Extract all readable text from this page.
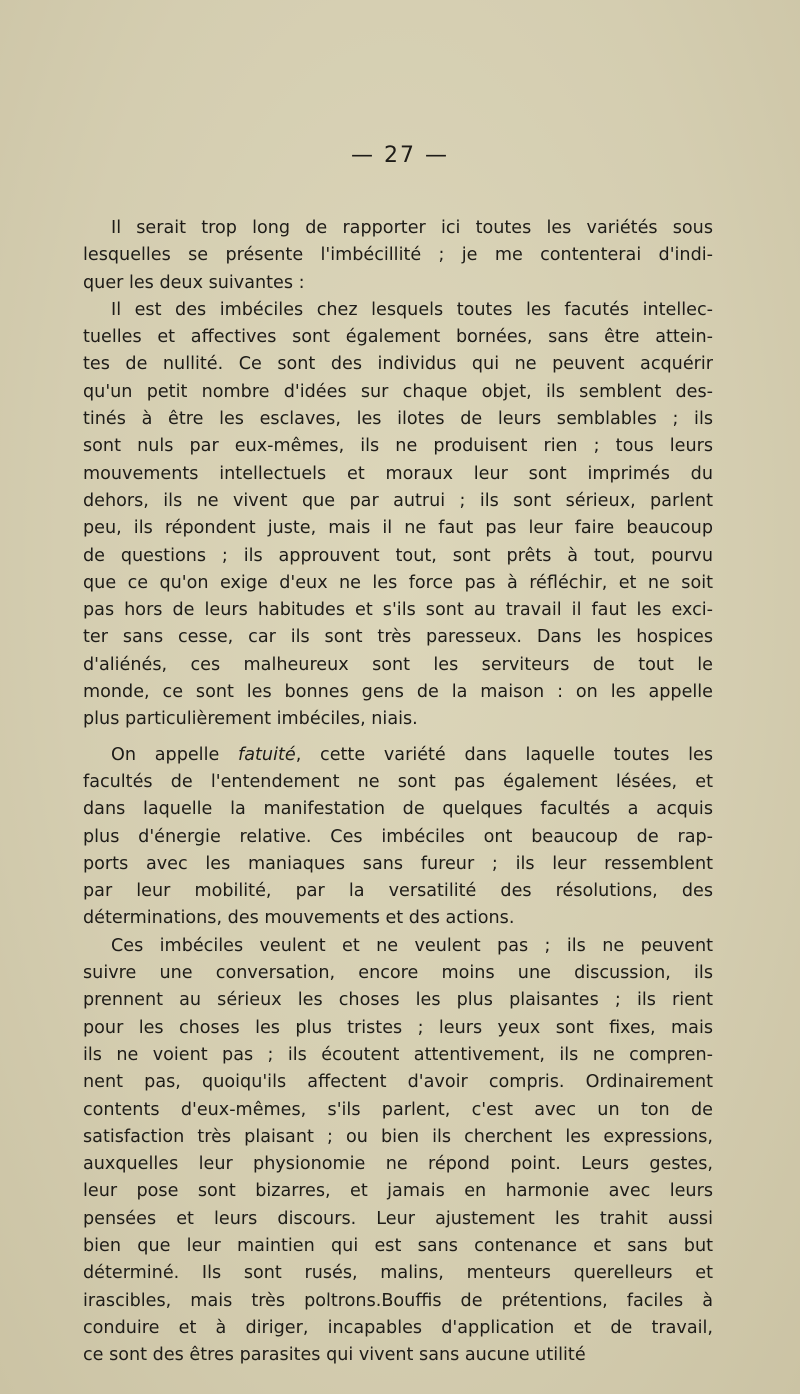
— 27 —
Il serait trop long de rapporter ici toutes les variétés sous
lesquelles se présente l'imbécillité ; je me contenterai d'indi-
quer les deux suivantes :
Il est des imbéciles chez lesquels toutes les facutés intellec-
tuelles et affectives sont également bornées, sans être attein-
tes de nullité. Ce sont des individus qui ne peuvent acquérir
qu'un petit nombre d'idées sur chaque objet, ils semblent des-
tinés à être les esclaves, les ilotes de leurs semblables ; ils
sont nuls par eux-mêmes, ils ne produisent rien ; tous leurs
mouvements intellectuels et moraux leur sont imprimés du
dehors, ils ne vivent que par autrui ; ils sont sérieux, parlent
peu, ils répondent juste, mais il ne faut pas leur faire beaucoup
de questions ; ils approuvent tout, sont prêts à tout, pourvu
que ce qu'on exige d'eux ne les force pas à réfléchir, et ne soit
pas hors de leurs habitudes et s'ils sont au travail il faut les exci-
ter sans cesse, car ils sont très paresseux. Dans les hospices
d'aliénés, ces malheureux sont les serviteurs de tout le
monde, ce sont les bonnes gens de la maison : on les appelle
plus particulièrement imbéciles, niais.
On appelle fatuité, cette variété dans laquelle toutes les
facultés de l'entendement ne sont pas également lésées, et
dans laquelle la manifestation de quelques facultés a acquis
plus d'énergie relative. Ces imbéciles ont beaucoup de rap-
ports avec les maniaques sans fureur ; ils leur ressemblent
par leur mobilité, par la versatilité des résolutions, des
déterminations, des mouvements et des actions.
Ces imbéciles veulent et ne veulent pas ; ils ne peuvent
suivre une conversation, encore moins une discussion, ils
prennent au sérieux les choses les plus plaisantes ; ils rient
pour les choses les plus tristes ; leurs yeux sont fixes, mais
ils ne voient pas ; ils écoutent attentivement, ils ne compren-
nent pas, quoiqu'ils affectent d'avoir compris. Ordinairement
contents d'eux-mêmes, s'ils parlent, c'est avec un ton de
satisfaction très plaisant ; ou bien ils cherchent les expressions,
auxquelles leur physionomie ne répond point. Leurs gestes,
leur pose sont bizarres, et jamais en harmonie avec leurs
pensées et leurs discours. Leur ajustement les trahit aussi
bien que leur maintien qui est sans contenance et sans but
déterminé. Ils sont rusés, malins, menteurs querelleurs et
irascibles, mais très poltrons.Bouffis de prétentions, faciles à
conduire et à diriger, incapables d'application et de travail,
ce sont des êtres parasites qui vivent sans aucune utilité
